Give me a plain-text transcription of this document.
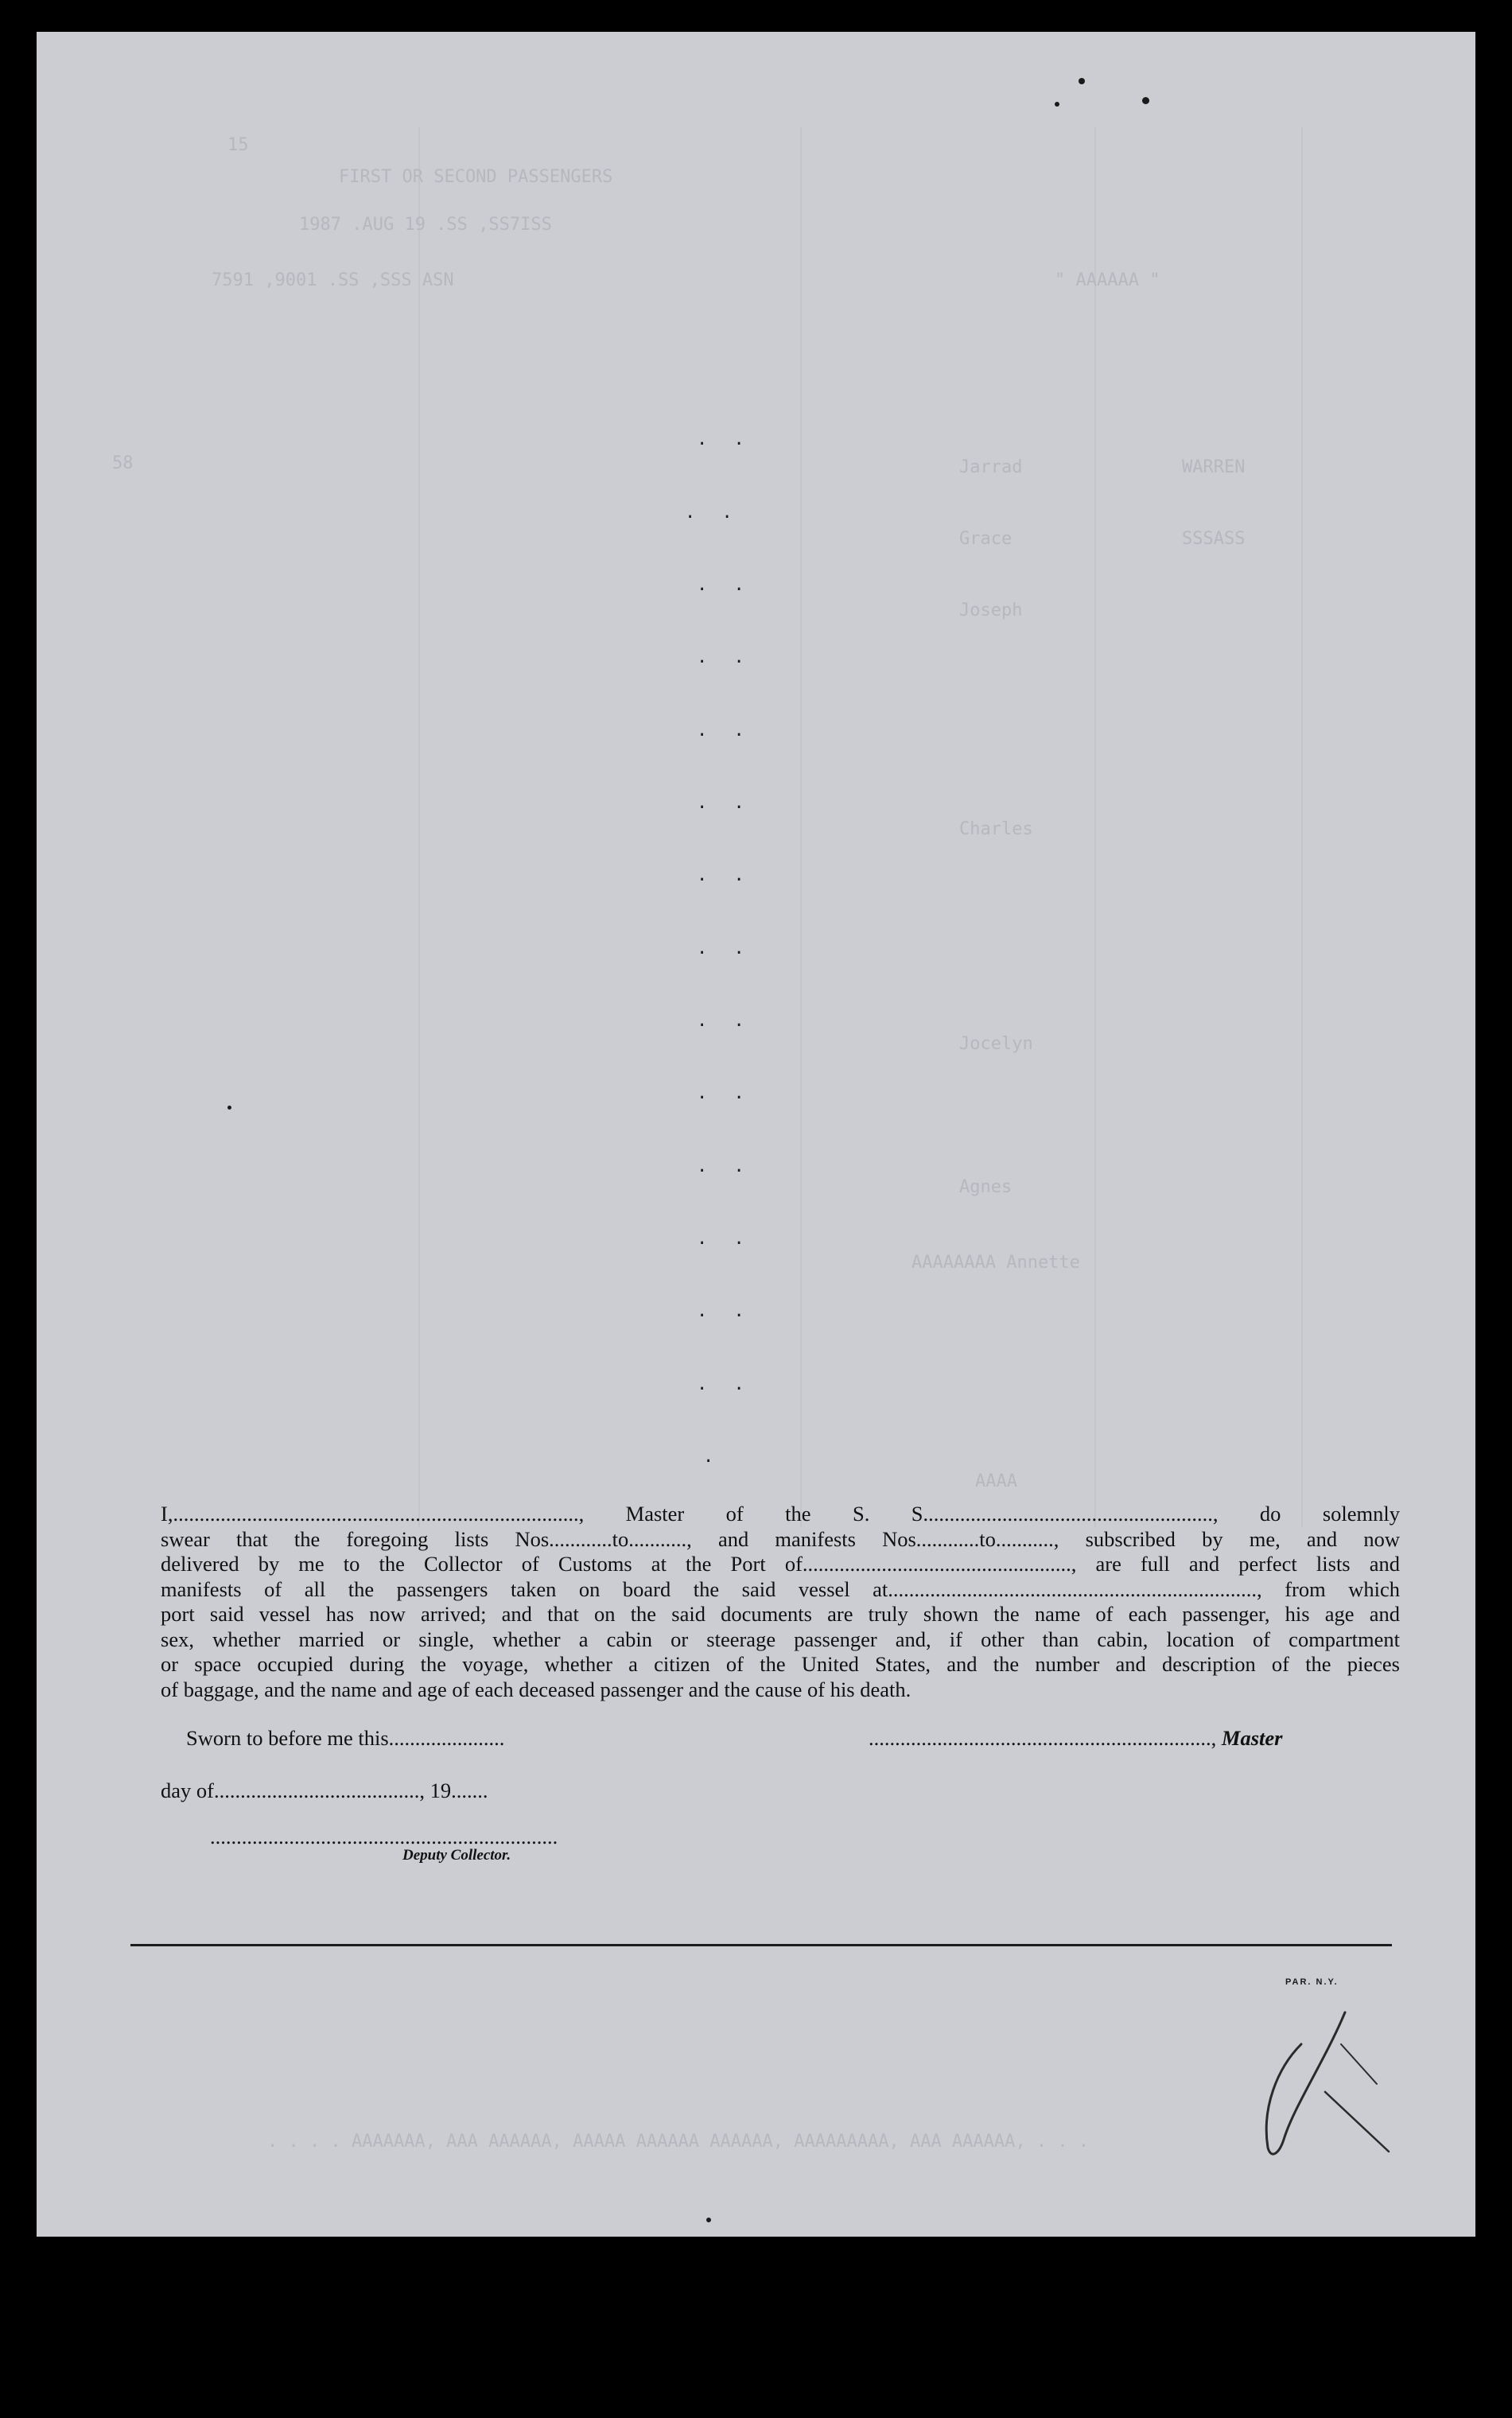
15
FIRST OR SECOND PASSENGERS
1987 .AUG 19 .SS ,SS7ISS
7591 ,9001 .SS ,SSS ASN	" AAAAAA "
58	Jarrad	WARREN
Grace	SSSASS
Joseph
Charles
Jocelyn
Agnes
AAAAAAAA Annette
AAAA
. . . . AAAAAAA, AAA AAAAAA, AAAAA AAAAAA AAAAAA, AAAAAAAAA, AAA AAAAAA, . . .
. .
. .
. .
. .
. .
. .
. .
. .
. .
. .
. .
. .
. .
. .
.
I,............................................................................., Master of the S. S......................................................., do solemnly
swear that the foregoing lists Nos............to..........., and manifests Nos............to..........., subscribed by me, and now
delivered by me to the Collector of Customs at the Port of..................................................., are full and perfect lists and
manifests of all the passengers taken on board the said vessel at......................................................................, from which
port said vessel has now arrived; and that on the said documents are truly shown the name of each passenger, his age and
sex, whether married or single, whether a cabin or steerage passenger and, if other than cabin, location of compartment
or space occupied during the voyage, whether a citizen of the United States, and the number and description of the pieces
of baggage, and the name and age of each deceased passenger and the cause of his death.
Sworn to before me this......................	................................................................., Master
day of......................................., 19.......
..................................................................
Deputy Collector.
PAR. N.Y.
